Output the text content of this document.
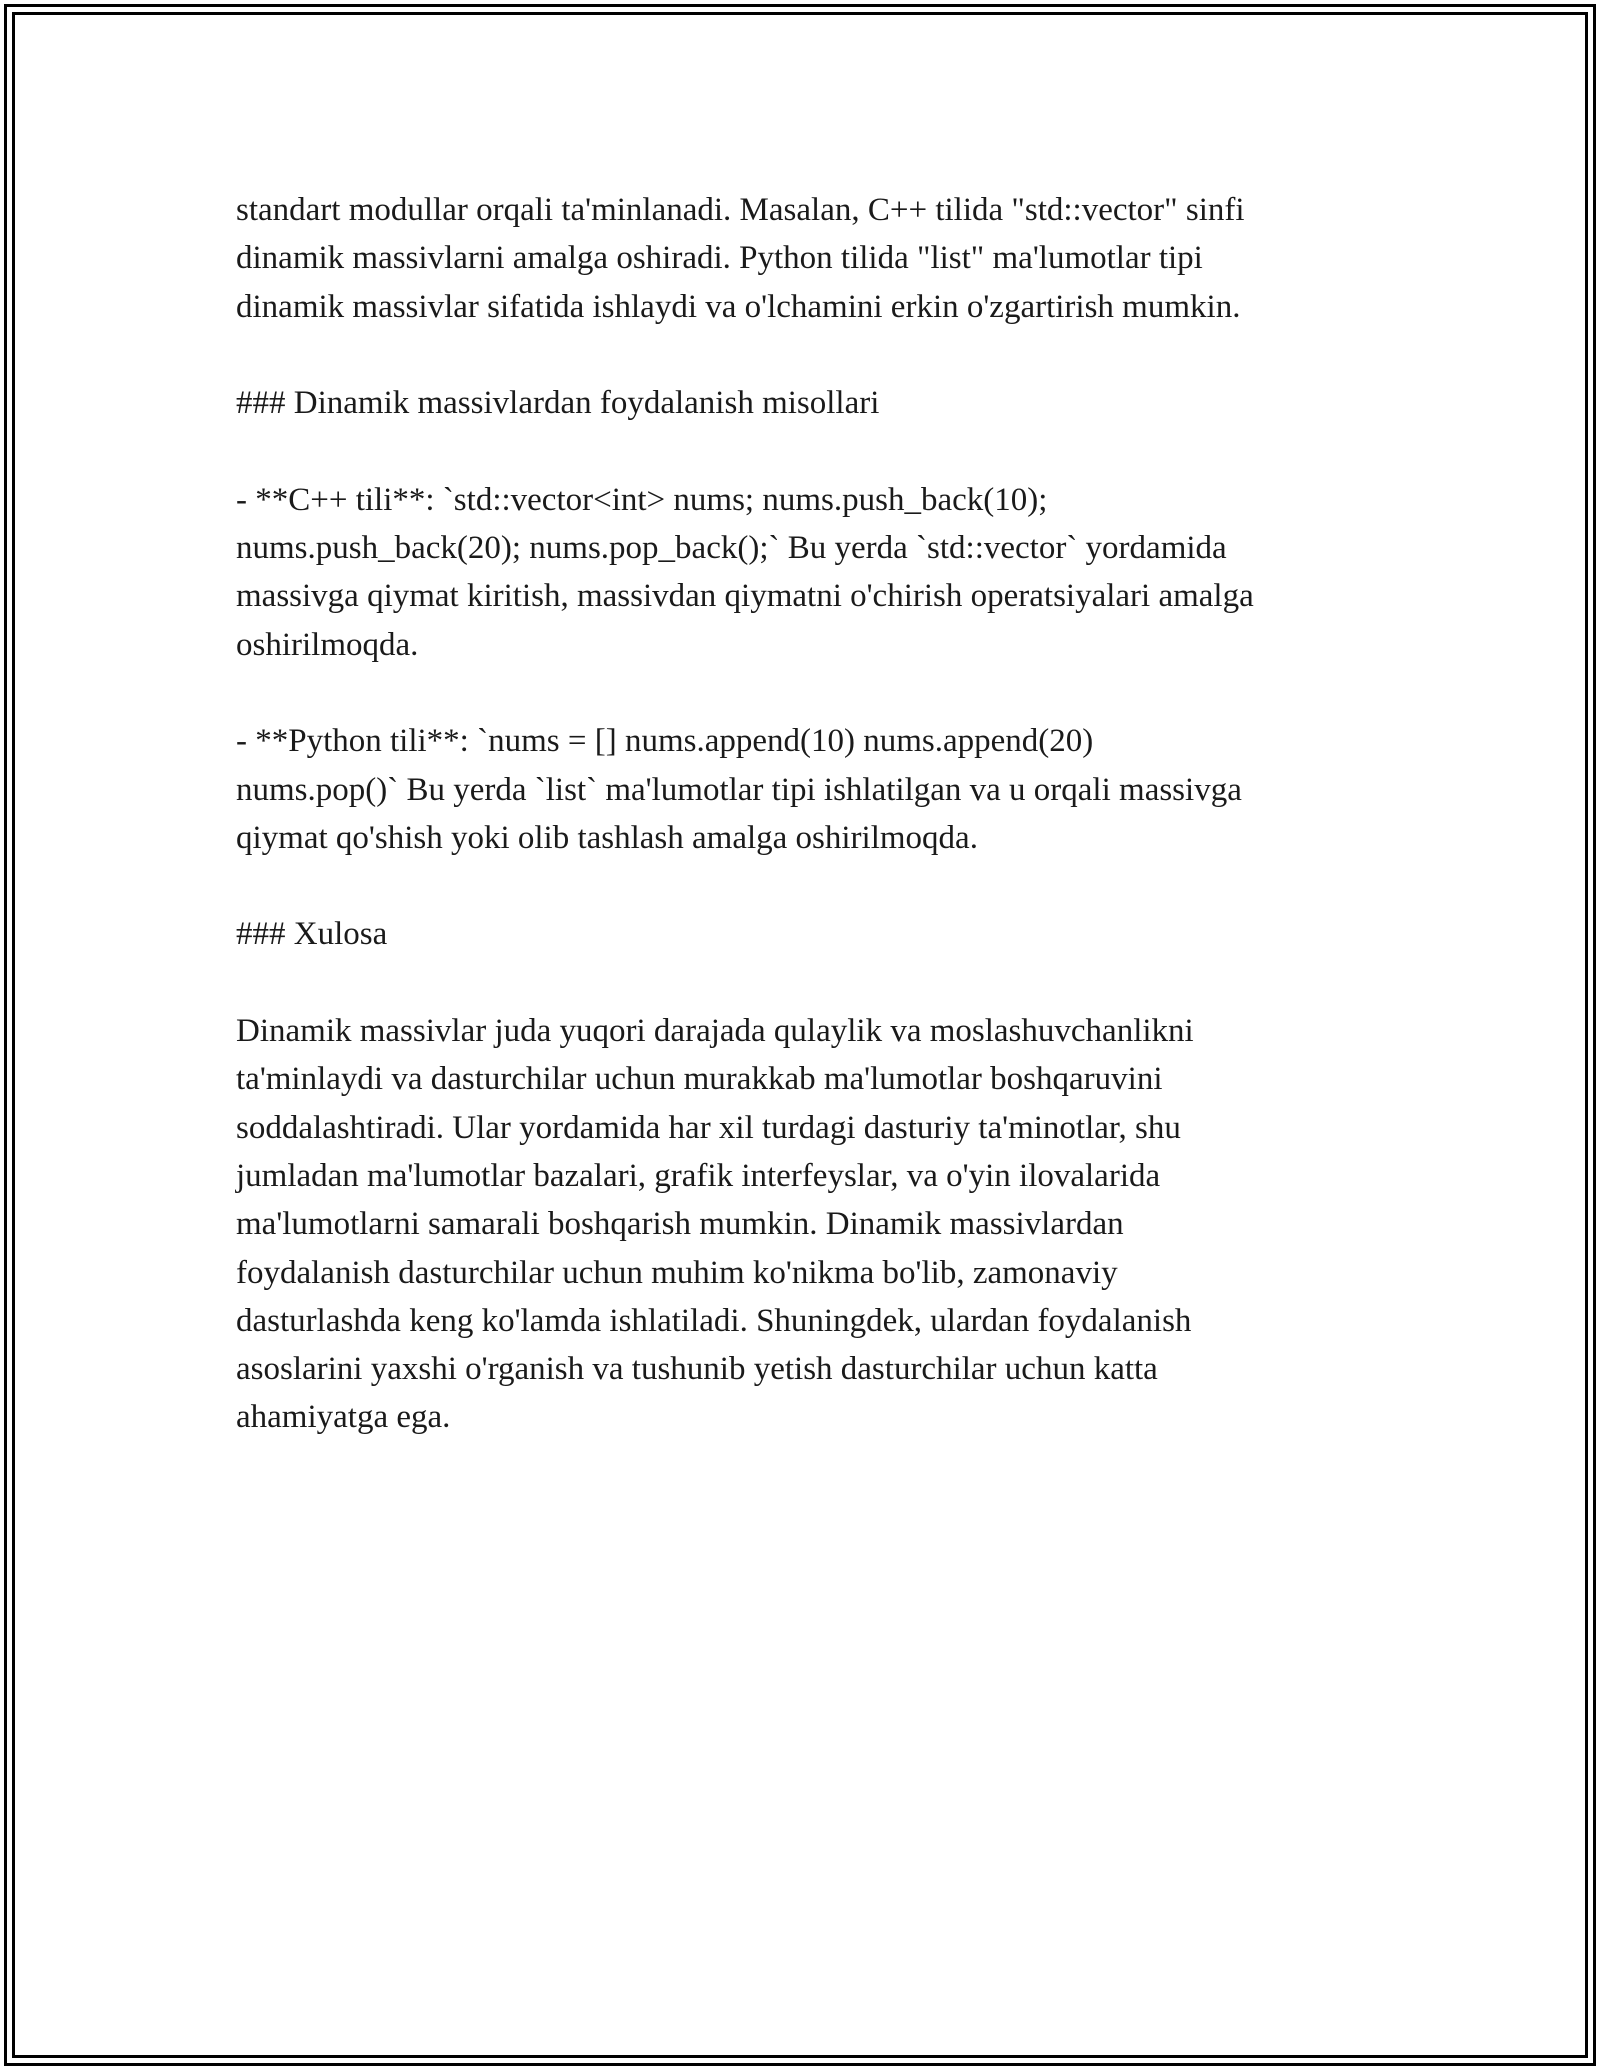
standart modullar orqali ta'minlanadi. Masalan, C++ tilida "std::vector" sinfi
dinamik massivlarni amalga oshiradi. Python tilida "list" ma'lumotlar tipi
dinamik massivlar sifatida ishlaydi va o'lchamini erkin o'zgartirish mumkin.
### Dinamik massivlardan foydalanish misollari
- **C++ tili**: `std::vector<int> nums; nums.push_back(10);
nums.push_back(20); nums.pop_back();` Bu yerda `std::vector` yordamida
massivga qiymat kiritish, massivdan qiymatni o'chirish operatsiyalari amalga
oshirilmoqda.
- **Python tili**: `nums = [] nums.append(10) nums.append(20)
nums.pop()` Bu yerda `list` ma'lumotlar tipi ishlatilgan va u orqali massivga
qiymat qo'shish yoki olib tashlash amalga oshirilmoqda.
### Xulosa
Dinamik massivlar juda yuqori darajada qulaylik va moslashuvchanlikni
ta'minlaydi va dasturchilar uchun murakkab ma'lumotlar boshqaruvini
soddalashtiradi. Ular yordamida har xil turdagi dasturiy ta'minotlar, shu
jumladan ma'lumotlar bazalari, grafik interfeyslar, va o'yin ilovalarida
ma'lumotlarni samarali boshqarish mumkin. Dinamik massivlardan
foydalanish dasturchilar uchun muhim ko'nikma bo'lib, zamonaviy
dasturlashda keng ko'lamda ishlatiladi. Shuningdek, ulardan foydalanish
asoslarini yaxshi o'rganish va tushunib yetish dasturchilar uchun katta
ahamiyatga ega.
